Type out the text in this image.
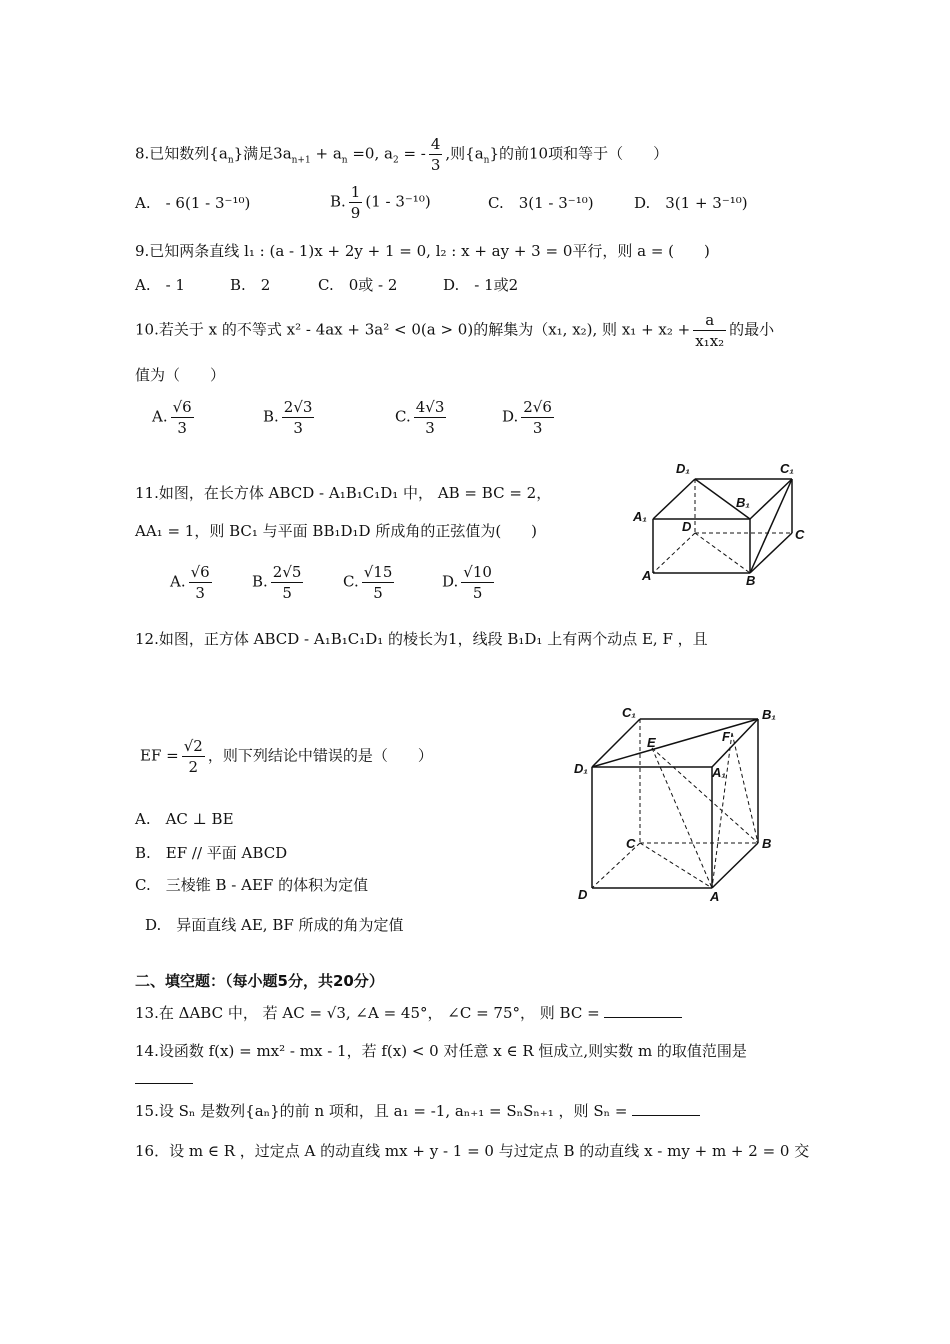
8.已知数列$\{a_n\}$满足$3a_{n+1} + a_n =0$, $a_2$ = - $\frac{4}{3}$ ,则$\{a_n\}$的前10项和等于（　　）
A.　- 6(1 - 3⁻¹⁰)	B. $\frac{1}{9} (1 - 3^{-10})$	C.　3(1 - 3⁻¹⁰)	D.　3(1 + 3⁻¹⁰)
9.已知两条直线 l₁ : (a - 1)x + 2y + 1 = 0, l₂ : x + ay + 3 = 0平行，则 a = (　　)
A.　- 1	B.　2	C.　0或 - 2	D.　- 1或2
10.若关于 x 的不等式 x² - 4ax + 3a² < 0(a > 0)的解集为（x₁, x₂), 则 $x_1 + x_2 + \frac{a}{\text{x₁x₂}}$ 的最小
值为（　　）
A. $\frac{√6}{3}$	B. $\frac{2√3}{3}$	C. $\frac{4√3}{3}$	D. $\frac{2√6}{3}$
11.如图，在长方体 ABCD - A₁B₁C₁D₁ 中， AB = BC = 2，
AA₁ = 1，则 BC₁ 与平面 BB₁D₁D 所成角的正弦值为(　　)
A. $\frac{√6}{3}$	B. $\frac{2√5}{5}$	C. $\frac{√15}{5}$	D. $\frac{√10}{5}$
D₁	C₁
B₁
A₁
D
C
A	B
12.如图，正方体 ABCD - A₁B₁C₁D₁ 的棱长为1，线段 B₁D₁ 上有两个动点 E, F ，且
EF = $\frac{√2}{2}$ ，则下列结论中错误的是（　　）
A.　AC ⊥ BE
B.　EF // 平面 ABCD
C.　三棱锥 B - AEF 的体积为定值
D.　异面直线 AE, BF 所成的角为定值
C₁	B₁
E	F
D₁	A₁
C	B
D	A
二、填空题：（每小题5分，共20分）
13.在 ΔABC 中， 若 AC = √3, ∠A = 45°， ∠C = 75°， 则 BC =
14.设函数 f(x) = mx² - mx - 1，若 f(x) < 0 对任意 x ∈ R 恒成立,则实数 m 的取值范围是
15.设 Sₙ 是数列{aₙ}的前 n 项和，且 a₁ = -1, aₙ₊₁ = SₙSₙ₊₁ ，则 Sₙ =
16．设 m ∈ R ，过定点 A 的动直线 mx + y - 1 = 0 与过定点 B 的动直线 x - my + m + 2 = 0 交
